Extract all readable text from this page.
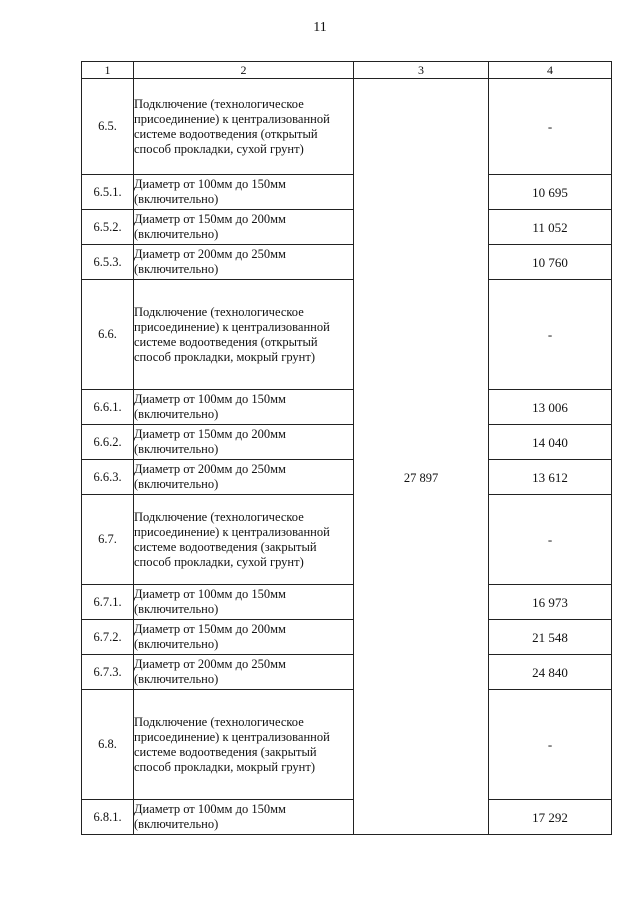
11
1	2	3	4
6.5.	Подключение (технологическое присоединение) к централизованной системе водоотведения (открытый способ прокладки, сухой грунт)	27 897	-
6.5.1.	Диаметр от 100мм до 150мм (включительно)		10 695
6.5.2.	Диаметр от 150мм до 200мм (включительно)		11 052
6.5.3.	Диаметр от 200мм до 250мм (включительно)		10 760
6.6.	Подключение (технологическое присоединение) к централизованной системе водоотведения (открытый способ прокладки, мокрый грунт)		-
6.6.1.	Диаметр от 100мм до 150мм (включительно)		13 006
6.6.2.	Диаметр от 150мм до 200мм (включительно)		14 040
6.6.3.	Диаметр от 200мм до 250мм (включительно)		13 612
6.7.	Подключение (технологическое присоединение) к централизованной системе водоотведения (закрытый способ прокладки, сухой грунт)		-
6.7.1.	Диаметр от 100мм до 150мм (включительно)		16 973
6.7.2.	Диаметр от 150мм до 200мм (включительно)		21 548
6.7.3.	Диаметр от 200мм до 250мм (включительно)		24 840
6.8.	Подключение (технологическое присоединение) к централизованной системе водоотведения (закрытый способ прокладки, мокрый грунт)		-
6.8.1.	Диаметр от 100мм до 150мм (включительно)		17 292
